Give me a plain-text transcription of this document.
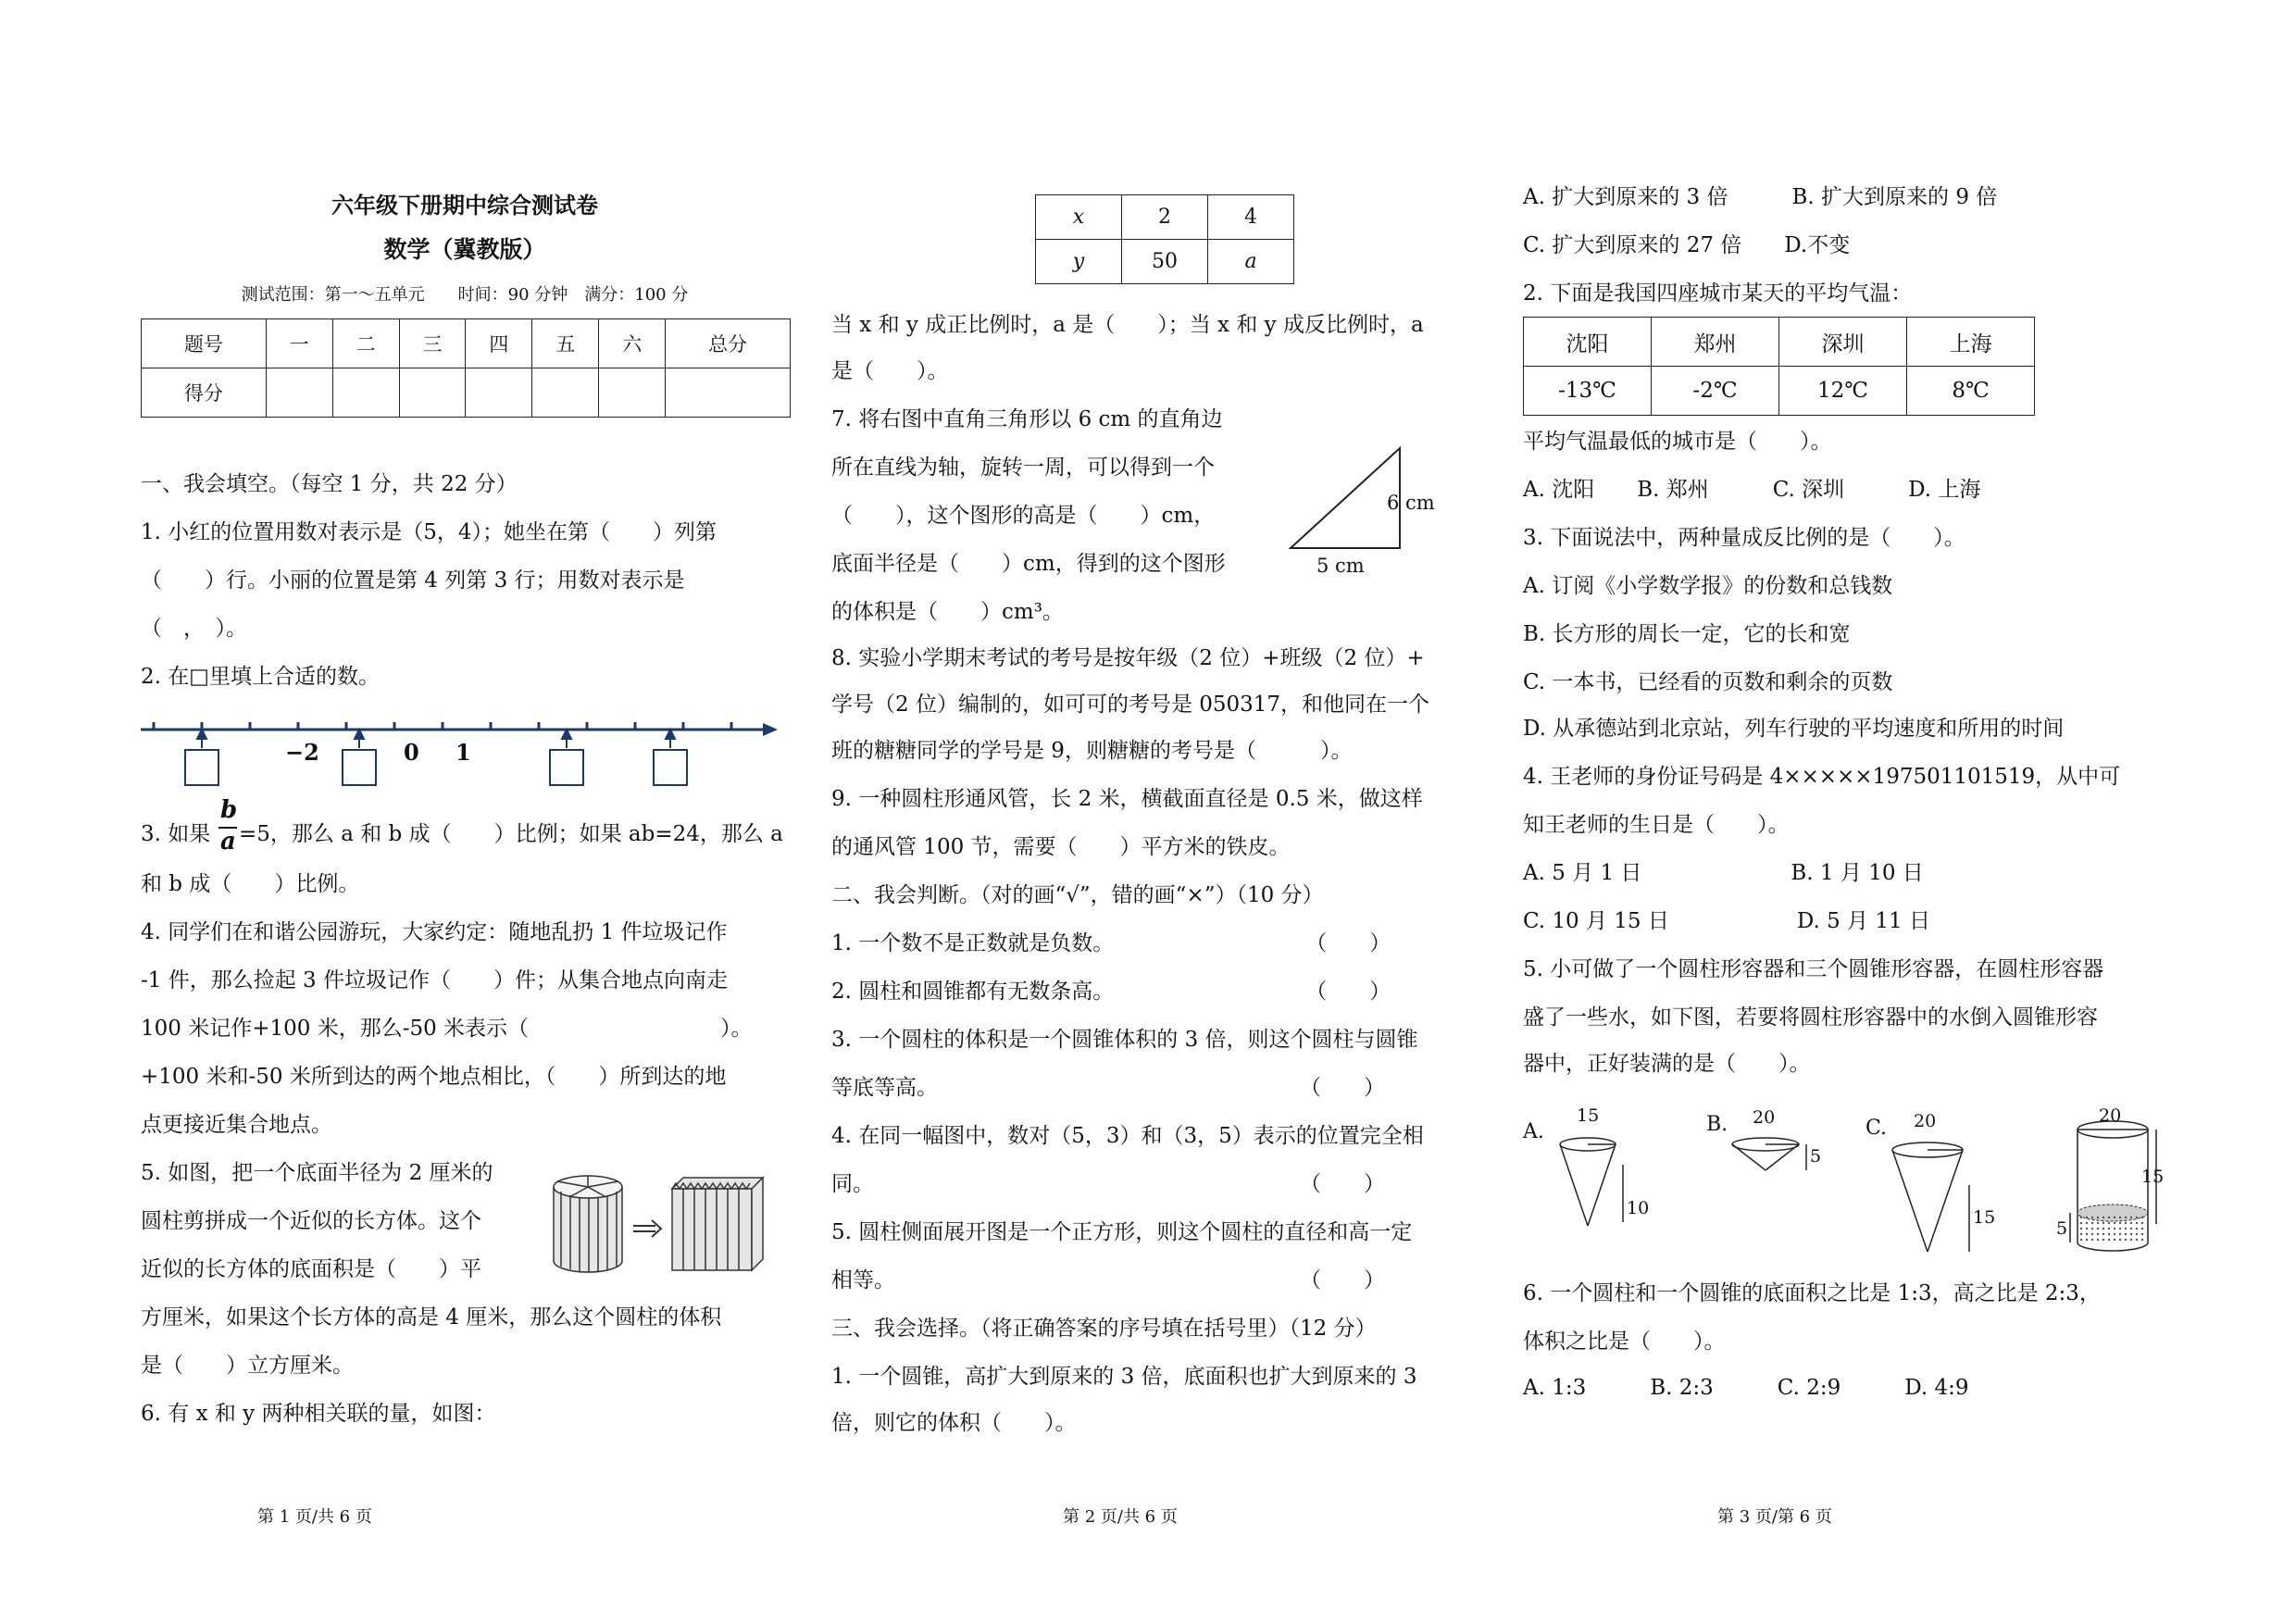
六年级下册期中综合测试卷
数学（冀教版）
测试范围：第一～五单元　　时间：90 分钟　满分：100 分
题号	一	二	三	四	五	六	总分
得分							
一、我会填空。（每空 1 分，共 22 分）
1. 小红的位置用数对表示是（5，4）；她坐在第（　　）列第
（　　）行。小丽的位置是第 4 列第 3 行；用数对表示是
（　，　）。
2. 在□里填上合适的数。
−2	0 1
3. 如果
b
a =5，那么 a 和 b 成（　　）比例；如果 ab=24，那么 a
和 b 成（　　）比例。
4. 同学们在和谐公园游玩，大家约定：随地乱扔 1 件垃圾记作
-1 件，那么捡起 3 件垃圾记作（　　）件；从集合地点向南走
100 米记作+100 米，那么-50 米表示（　　　　　　　　　）。
+100 米和-50 米所到达的两个地点相比，（　　）所到达的地
点更接近集合地点。
5. 如图，把一个底面半径为 2 厘米的
圆柱剪拼成一个近似的长方体。这个
近似的长方体的底面积是（　　）平
方厘米，如果这个长方体的高是 4 厘米，那么这个圆柱的体积
是（　　）立方厘米。
6. 有 x 和 y 两种相关联的量，如图：
第 1 页/共 6 页
x	2	4
y	50	a
当 x 和 y 成正比例时，a 是（　　）；当 x 和 y 成反比例时，a
是（　　）。
7. 将右图中直角三角形以 6 cm 的直角边
所在直线为轴，旋转一周，可以得到一个
（　　），这个图形的高是（　　）cm，
底面半径是（　　）cm，得到的这个图形
的体积是（　　）cm³。
6 cm
5 cm
8. 实验小学期末考试的考号是按年级（2 位）+班级（2 位）+
学号（2 位）编制的，如可可的考号是 050317，和他同在一个
班的糖糖同学的学号是 9，则糖糖的考号是（　　　）。
9. 一种圆柱形通风管，长 2 米，横截面直径是 0.5 米，做这样
的通风管 100 节，需要（　　）平方米的铁皮。
二、我会判断。（对的画“√”，错的画“×”）（10 分）
1. 一个数不是正数就是负数。　　　　　　　　　　（　　）
2. 圆柱和圆锥都有无数条高。　　　　　　　　　　（　　）
3. 一个圆柱的体积是一个圆锥体积的 3 倍，则这个圆柱与圆锥
等底等高。　　　　　　　　　　　　　　　　　　（　　）
4. 在同一幅图中，数对（5，3）和（3，5）表示的位置完全相
同。　　　　　　　　　　　　　　　　　　　　　（　　）
5. 圆柱侧面展开图是一个正方形，则这个圆柱的直径和高一定
相等。　　　　　　　　　　　　　　　　　　　　（　　）
三、我会选择。（将正确答案的序号填在括号里）（12 分）
1. 一个圆锥，高扩大到原来的 3 倍，底面积也扩大到原来的 3
倍，则它的体积（　　）。
第 2 页/共 6 页
A. 扩大到原来的 3 倍　　　B. 扩大到原来的 9 倍
C. 扩大到原来的 27 倍　　D.不变
2. 下面是我国四座城市某天的平均气温：
沈阳	郑州	深圳	上海
-13℃	-2℃	12℃	8℃
平均气温最低的城市是（　　）。
A. 沈阳　　B. 郑州　　　C. 深圳　　　D. 上海
3. 下面说法中，两种量成反比例的是（　　）。
A. 订阅《小学数学报》的份数和总钱数
B. 长方形的周长一定，它的长和宽
C. 一本书，已经看的页数和剩余的页数
D. 从承德站到北京站，列车行驶的平均速度和所用的时间
4. 王老师的身份证号码是 4×××××197501101519，从中可
知王老师的生日是（　　）。
A. 5 月 1 日　　　　　　　B. 1 月 10 日
C. 10 月 15 日　　　　　　D. 5 月 11 日
5. 小可做了一个圆柱形容器和三个圆锥形容器，在圆柱形容器
盛了一些水，如下图，若要将圆柱形容器中的水倒入圆锥形容
器中，正好装满的是（　　）。
A.
15
10
B. 20
5
C. 20
15
20
15
5
6. 一个圆柱和一个圆锥的底面积之比是 1:3，高之比是 2:3，
体积之比是（　　）。
A. 1:3　　　B. 2:3　　　C. 2:9　　　D. 4:9
第 3 页/第 6 页
